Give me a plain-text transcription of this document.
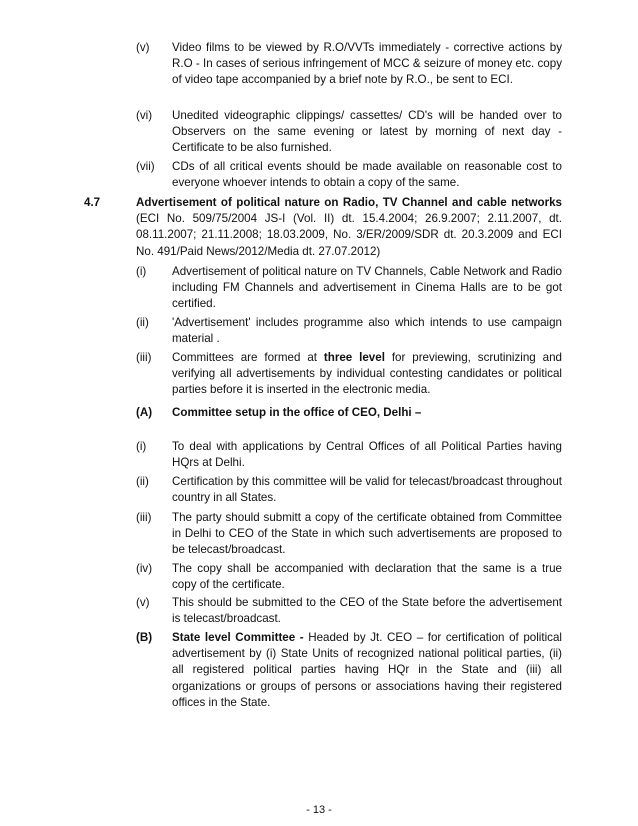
(v)	Video films to be viewed by R.O/VVTs immediately - corrective actions by R.O - In cases of serious infringement of MCC & seizure of money etc. copy of video tape accompanied by a brief note by R.O., be sent to ECI.
(vi)	Unedited videographic clippings/ cassettes/ CD's will be handed over to Observers on the same evening or latest by morning of next day - Certificate to be also furnished.
(vii)	CDs of all critical events should be made available on reasonable cost to everyone whoever intends to obtain a copy of the same.
4.7	Advertisement of political nature on Radio, TV Channel and cable networks (ECI No. 509/75/2004 JS-I (Vol. II) dt. 15.4.2004; 26.9.2007; 2.11.2007, dt. 08.11.2007; 21.11.2008; 18.03.2009, No. 3/ER/2009/SDR dt. 20.3.2009 and ECI No. 491/Paid News/2012/Media dt. 27.07.2012)
(i)	Advertisement of political nature on TV Channels, Cable Network and Radio including FM Channels and advertisement in Cinema Halls are to be got certified.
(ii)	'Advertisement' includes programme also which intends to use campaign material .
(iii)	Committees are formed at three level for previewing, scrutinizing and verifying all advertisements by individual contesting candidates or political parties before it is inserted in the electronic media.
(A)	Committee setup in the office of CEO, Delhi –
(i)	To deal with applications by Central Offices of all Political Parties having HQrs at Delhi.
(ii)	Certification by this committee will be valid for telecast/broadcast throughout country in all States.
(iii)	The party should submitt a copy of the certificate obtained from Committee in Delhi to CEO of the State in which such advertisements are proposed to be telecast/broadcast.
(iv)	The copy shall be accompanied with declaration that the same is a true copy of the certificate.
(v)	This should be submitted to the CEO of the State before the advertisement is telecast/broadcast.
(B)	State level Committee - Headed by Jt. CEO – for certification of political advertisement by (i) State Units of recognized national political parties, (ii) all registered political parties having HQr in the State and (iii) all organizations or groups of persons or associations having their registered offices in the State.
- 13 -
